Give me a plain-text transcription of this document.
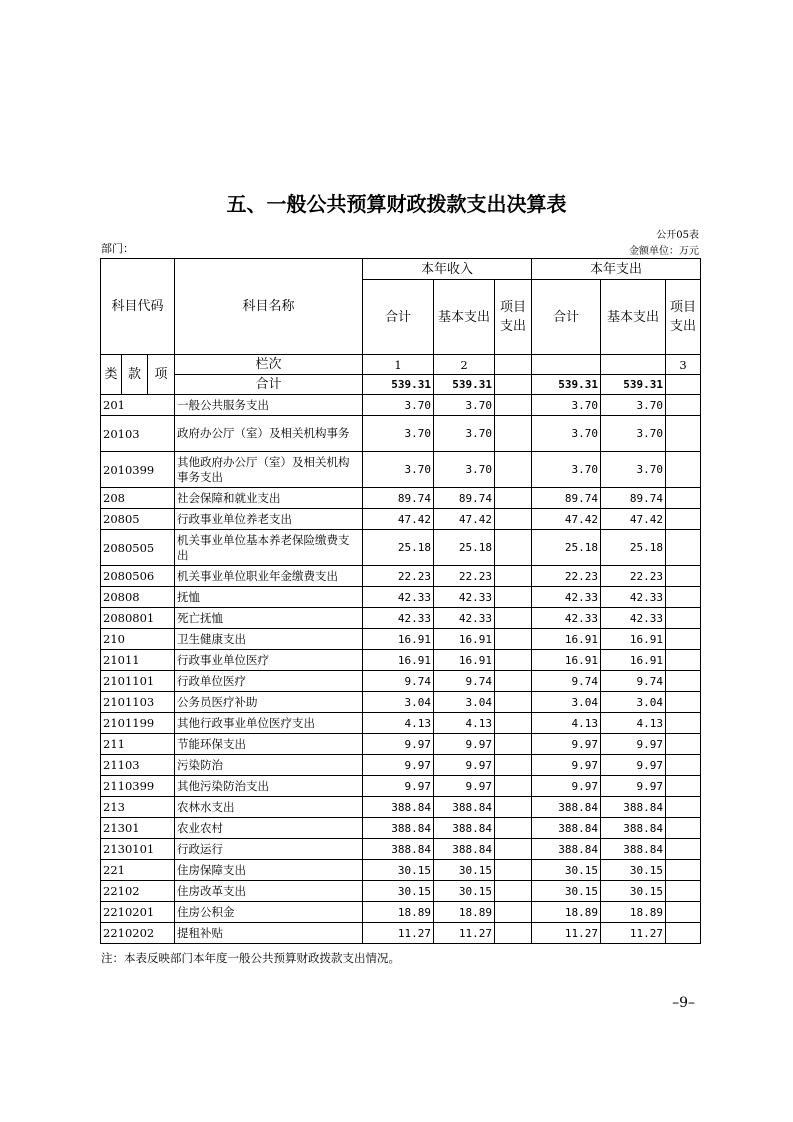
五、一般公共预算财政拨款支出决算表
公开05表
部门：	金额单位：万元
科目代码			科目名称	本年收入			本年支出		
				合计	基本支出	项目支出	合计	基本支出	项目支出

类	款	项	栏次	1	2				3
			合计	539.31	539.31		539.31	539.31	
201			一般公共服务支出	3.70	3.70		3.70	3.70	
20103			政府办公厅（室）及相关机构事务	3.70	3.70		3.70	3.70	
2010399			其他政府办公厅（室）及相关机构事务支出	3.70	3.70		3.70	3.70	
208			社会保障和就业支出	89.74	89.74		89.74	89.74	
20805			行政事业单位养老支出	47.42	47.42		47.42	47.42	
2080505			机关事业单位基本养老保险缴费支出	25.18	25.18		25.18	25.18	
2080506			机关事业单位职业年金缴费支出	22.23	22.23		22.23	22.23	
20808			抚恤	42.33	42.33		42.33	42.33	
2080801			死亡抚恤	42.33	42.33		42.33	42.33	
210			卫生健康支出	16.91	16.91		16.91	16.91	
21011			行政事业单位医疗	16.91	16.91		16.91	16.91	
2101101			行政单位医疗	9.74	9.74		9.74	9.74	
2101103			公务员医疗补助	3.04	3.04		3.04	3.04	
2101199			其他行政事业单位医疗支出	4.13	4.13		4.13	4.13	
211			节能环保支出	9.97	9.97		9.97	9.97	
21103			污染防治	9.97	9.97		9.97	9.97	
2110399			其他污染防治支出	9.97	9.97		9.97	9.97	
213			农林水支出	388.84	388.84		388.84	388.84	
21301			农业农村	388.84	388.84		388.84	388.84	
2130101			行政运行	388.84	388.84		388.84	388.84	
221			住房保障支出	30.15	30.15		30.15	30.15	
22102			住房改革支出	30.15	30.15		30.15	30.15	
2210201			住房公积金	18.89	18.89		18.89	18.89	
2210202			提租补贴	11.27	11.27		11.27	11.27	
注：本表反映部门本年度一般公共预算财政拨款支出情况。
–9–
